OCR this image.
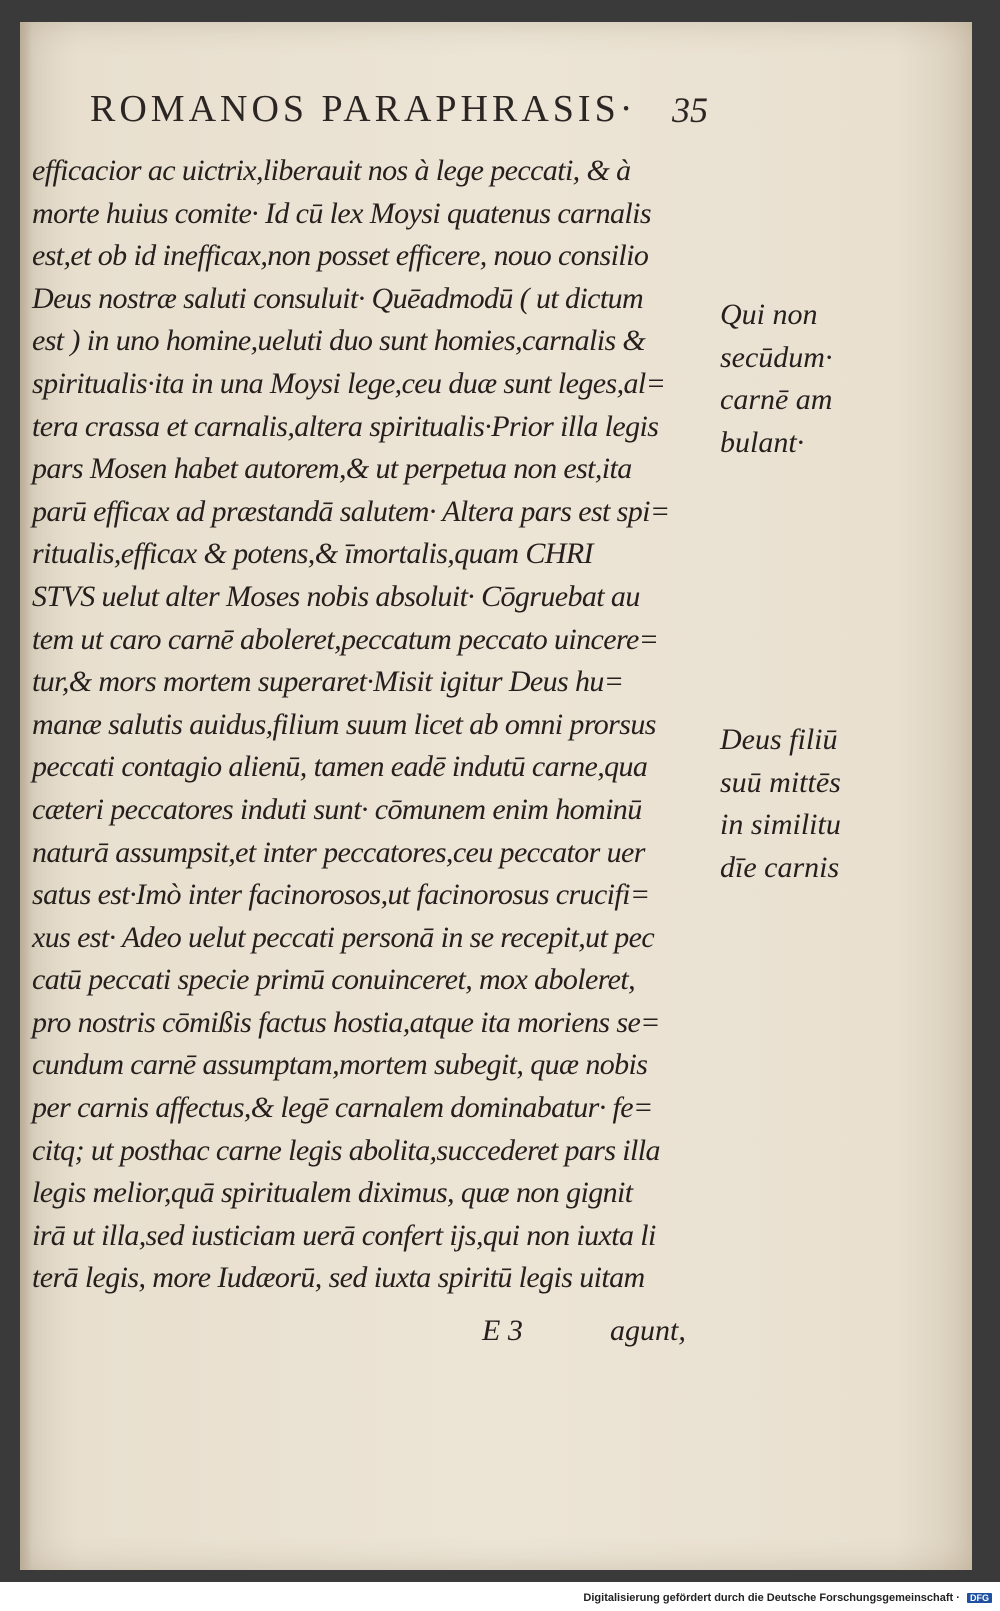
ROMANOS PARAPHRASIS· 35
efficacior ac uictrix,liberauit nos à lege peccati, & à
morte huius comite· Id cū lex Moysi quatenus carnalis
est,et ob id inefficax,non posset efficere, nouo consilio
Deus nostræ saluti consuluit· Quēadmodū ( ut dictum
est ) in uno homine,ueluti duo sunt homies,carnalis &
spiritualis·ita in una Moysi lege,ceu duæ sunt leges,al=
tera crassa et carnalis,altera spiritualis·Prior illa legis
pars Mosen habet autorem,& ut perpetua non est,ita
parū efficax ad præstandā salutem· Altera pars est spi=
ritualis,efficax & potens,& īmortalis,quam CHRI
STVS uelut alter Moses nobis absoluit· Cōgruebat au
tem ut caro carnē aboleret,peccatum peccato uincere=
tur,& mors mortem superaret·Misit igitur Deus hu=
manæ salutis auidus,filium suum licet ab omni prorsus
peccati contagio alienū, tamen eadē indutū carne,qua
cæteri peccatores induti sunt· cōmunem enim hominū
naturā assumpsit,et inter peccatores,ceu peccator uer
satus est·Imò inter facinorosos,ut facinorosus crucifi=
xus est· Adeo uelut peccati personā in se recepit,ut pec
catū peccati specie primū conuinceret, mox aboleret,
pro nostris cōmißis factus hostia,atque ita moriens se=
cundum carnē assumptam,mortem subegit, quæ nobis
per carnis affectus,& legē carnalem dominabatur· fe=
citq; ut posthac carne legis abolita,succederet pars illa
legis melior,quā spiritualem diximus, quæ non gignit
irā ut illa,sed iusticiam uerā confert ijs,qui non iuxta li
terā legis, more Iudæorū, sed iuxta spiritū legis uitam
Qui non
secūdum·
carnē am
bulant·
Deus filiū
suū mittēs
in similitu
dīe carnis
E 3	agunt,
Digitalisierung gefördert durch die Deutsche Forschungsgemeinschaft · DFG
